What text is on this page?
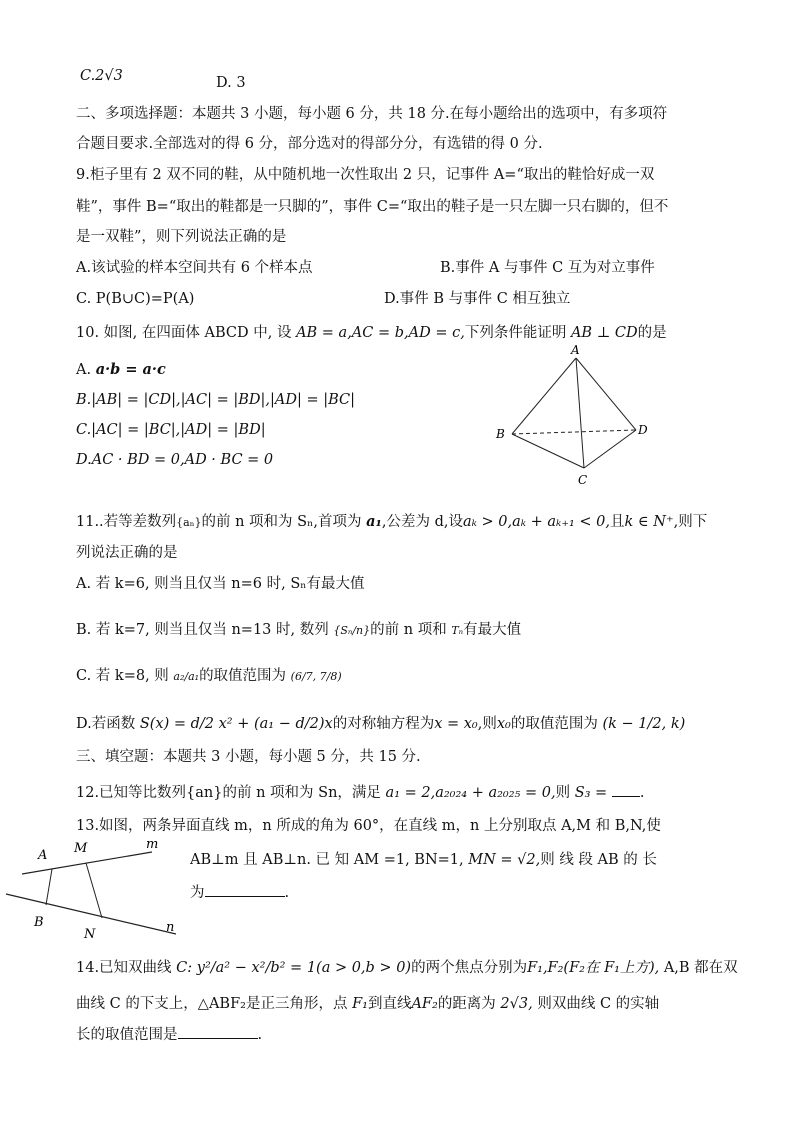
C.2√3	D. 3
二、多项选择题：本题共 3 小题，每小题 6 分，共 18 分.在每小题给出的选项中，有多项符
合题目要求.全部选对的得 6 分，部分选对的得部分分，有选错的得 0 分.
9.柜子里有 2 双不同的鞋，从中随机地一次性取出 2 只，记事件 A=“取出的鞋恰好成一双
鞋”，事件 B=“取出的鞋都是一只脚的”，事件 C=“取出的鞋子是一只左脚一只右脚的，但不
是一双鞋”，则下列说法正确的是
A.该试验的样本空间共有 6 个样本点	B.事件 A 与事件 C 互为对立事件
C. P(B∪C)=P(A)	D.事件 B 与事件 C 相互独立
10. 如图, 在四面体 ABCD 中, 设 AB = a,AC = b,AD = c,下列条件能证明 AB ⊥ CD的是
A. a·b = a·c
B.|AB| = |CD|,|AC| = |BD|,|AD| = |BC|
C.|AC| = |BC|,|AD| = |BD|
D.AC · BD = 0,AD · BC = 0
A
B
C
D
11..若等差数列{aₙ}的前 n 项和为 Sₙ,首项为 a₁,公差为 d,设aₖ > 0,aₖ + aₖ₊₁ < 0,且k ∈ N⁺,则下
列说法正确的是
A. 若 k=6, 则当且仅当 n=6 时, Sₙ有最大值
B. 若 k=7, 则当且仅当 n=13 时, 数列 {Sₙ/n}的前 n 项和 Tₙ有最大值
C. 若 k=8, 则 a₂/a₁的取值范围为 (6/7, 7/8)
D.若函数 S(x) = d/2 x² + (a₁ − d/2)x的对称轴方程为x = x₀,则x₀的取值范围为 (k − 1/2, k)
三、填空题：本题共 3 小题，每小题 5 分，共 15 分.
12.已知等比数列{an}的前 n 项和为 Sn，满足 a₁ = 2,a₂₀₂₄ + a₂₀₂₅ = 0,则 S₃ = .
13.如图，两条异面直线 m，n 所成的角为 60°，在直线 m，n 上分别取点 A,M 和 B,N,使
AB⊥m 且 AB⊥n. 已 知 AM =1, BN=1, MN = √2,则 线 段 AB 的 长
为	.
A M	m
B
N	n
14.已知双曲线 C: y²/a² − x²/b² = 1(a > 0,b > 0)的两个焦点分别为F₁,F₂(F₂在 F₁上方), A,B 都在双
曲线 C 的下支上，△ABF₂是正三角形，点 F₁到直线AF₂的距离为 2√3, 则双曲线 C 的实轴
长的取值范围是	.
